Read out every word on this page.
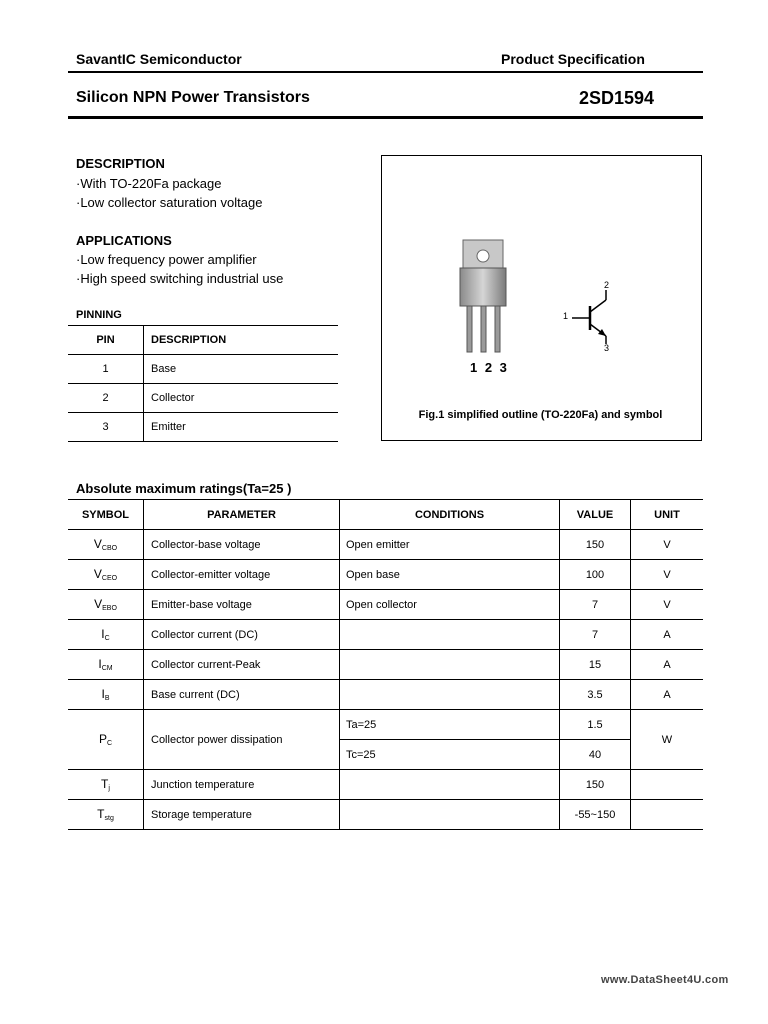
SavantIC Semiconductor	Product Specification
Silicon NPN Power Transistors	2SD1594
DESCRIPTION
·With TO-220Fa package
·Low collector saturation voltage
APPLICATIONS
·Low frequency power amplifier
·High speed switching industrial use
PINNING
PIN	DESCRIPTION
1	Base
2	Collector
3	Emitter
1 2 3
1
2
3
Fig.1 simplified outline (TO-220Fa) and symbol
Absolute maximum ratings(Ta=25 )
SYMBOL	PARAMETER	CONDITIONS	VALUE	UNIT
VCBO	Collector-base voltage	Open emitter	150	V
VCEO	Collector-emitter voltage	Open base	100	V
VEBO	Emitter-base voltage	Open collector	7	V
IC	Collector current (DC)		7	A
ICM	Collector current-Peak		15	A
IB	Base current (DC)		3.5	A
PC	Collector power dissipation	Ta=25	1.5	W
		Tc=25	40	
Tj	Junction temperature		150	
Tstg	Storage temperature		-55~150	
www.DataSheet4U.com
